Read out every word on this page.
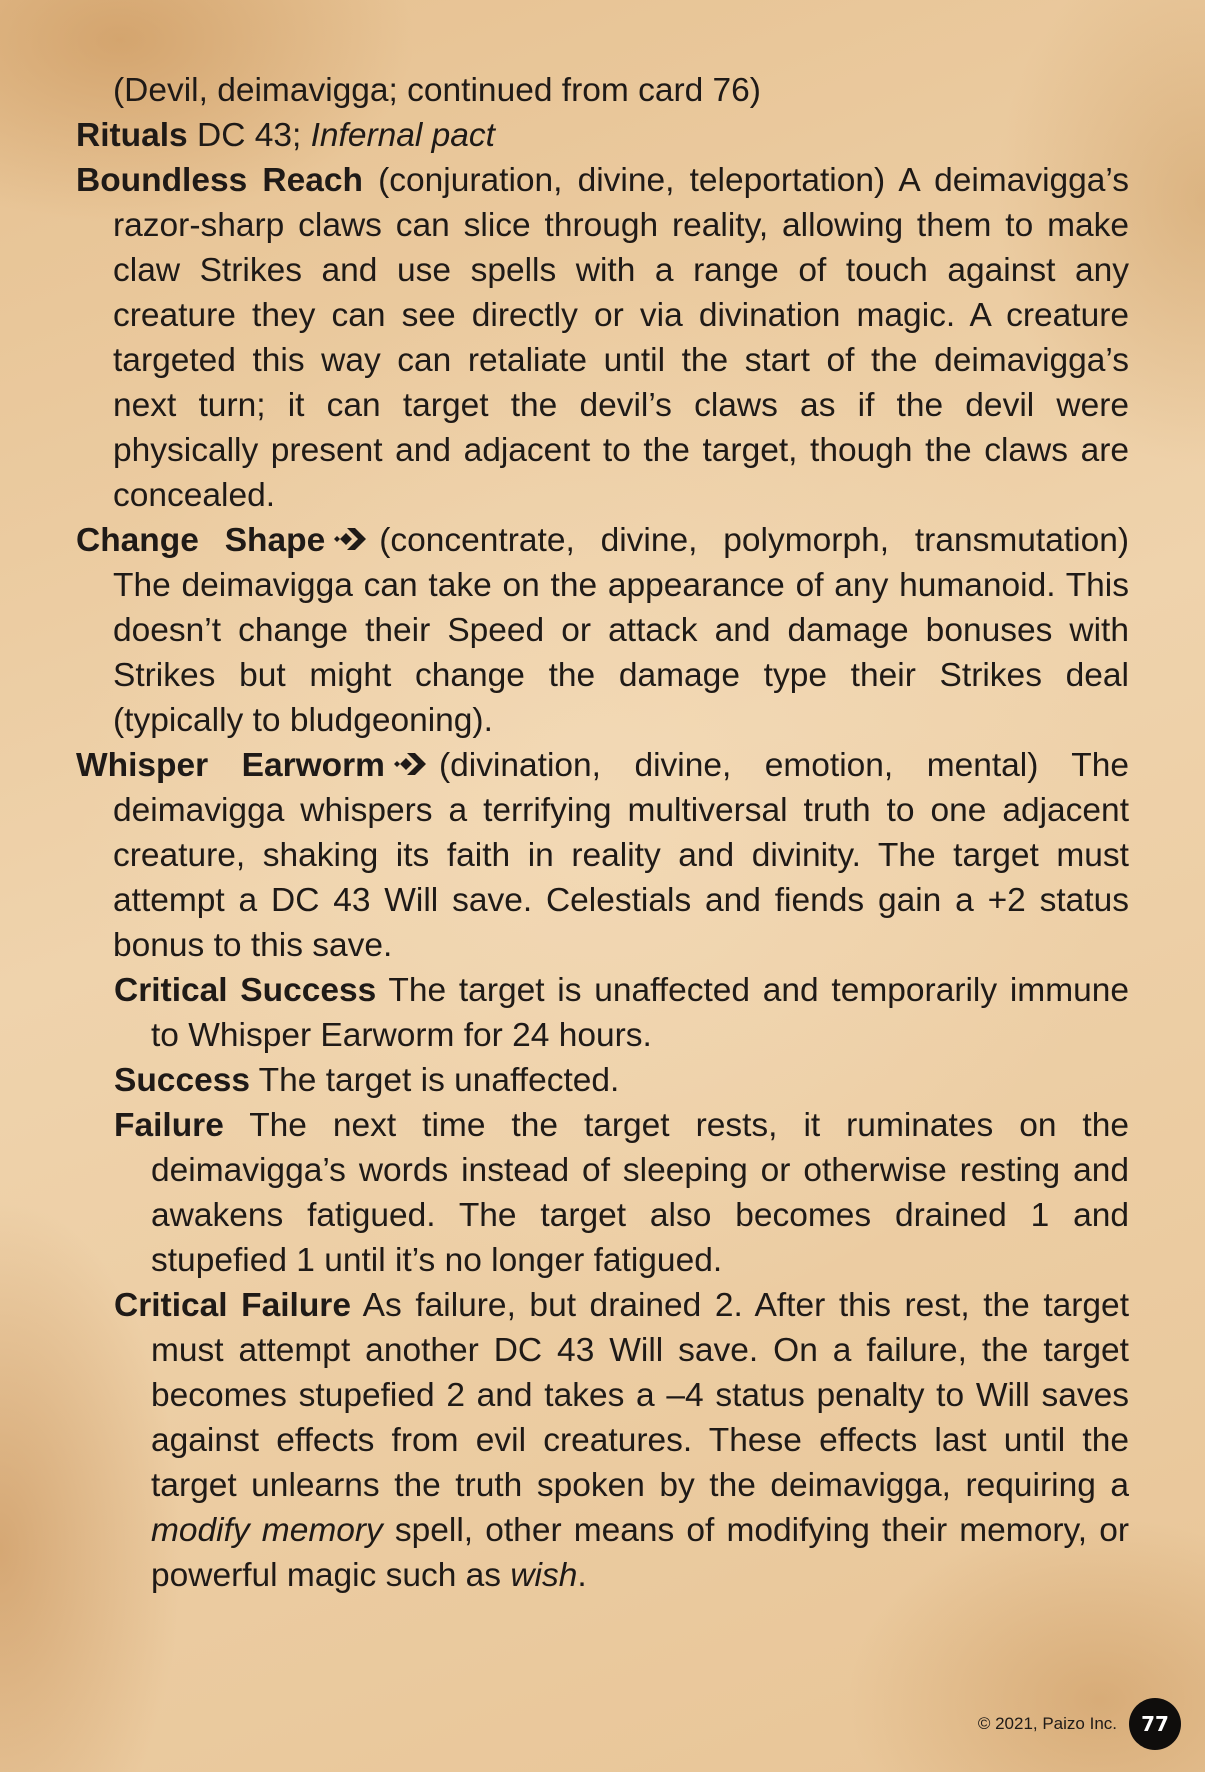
(Devil, deimavigga; continued from card 76)

Rituals DC 43; Infernal pact

Boundless Reach (conjuration, divine, teleportation) A deimavigga’s razor-sharp claws can slice through reality, allowing them to make claw Strikes and use spells with a range of touch against any creature they can see directly or via divination magic. A creature targeted this way can retaliate until the start of the deimavigga’s next turn; it can target the devil’s claws as if the devil were physically present and adjacent to the target, though the claws are concealed.

Change Shape (concentrate, divine, polymorph, transmutation) The deimavigga can take on the appearance of any humanoid. This doesn’t change their Speed or attack and damage bonuses with Strikes but might change the damage type their Strikes deal (typically to bludgeoning).

Whisper Earworm (divination, divine, emotion, mental) The deimavigga whispers a terrifying multiversal truth to one adjacent creature, shaking its faith in reality and divinity. The target must attempt a DC 43 Will save. Celestials and fiends gain a +2 status bonus to this save.

Critical Success The target is unaffected and temporarily immune to Whisper Earworm for 24 hours.

Success The target is unaffected.

Failure The next time the target rests, it ruminates on the deimavigga’s words instead of sleeping or otherwise resting and awakens fatigued. The target also becomes drained 1 and stupefied 1 until it’s no longer fatigued.

Critical Failure As failure, but drained 2. After this rest, the target must attempt another DC 43 Will save. On a failure, the target becomes stupefied 2 and takes a –4 status penalty to Will saves against effects from evil creatures. These effects last until the target unlearns the truth spoken by the deimavigga, requiring a modify memory spell, other means of modifying their memory, or powerful magic such as wish.

© 2021, Paizo Inc. 77
